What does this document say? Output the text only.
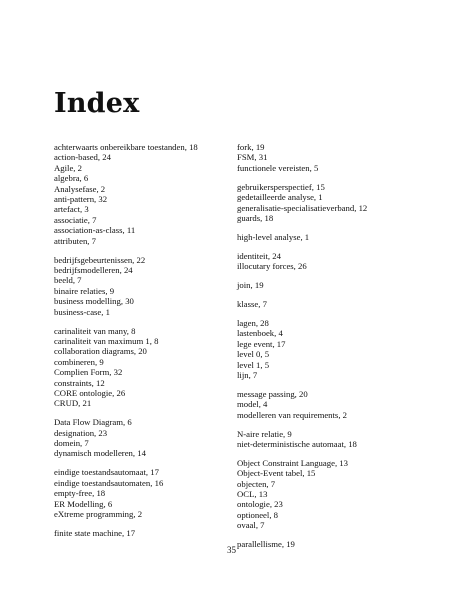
Index
achterwaarts onbereikbare toestanden, 18
action-based, 24
Agile, 2
algebra, 6
Analysefase, 2
anti-pattern, 32
artefact, 3
associatie, 7
association-as-class, 11
attributen, 7
bedrijfsgebeurtenissen, 22
bedrijfsmodelleren, 24
beeld, 7
binaire relaties, 9
business modelling, 30
business-case, 1
carinaliteit van many, 8
carinaliteit van maximum 1, 8
collaboration diagrams, 20
combineren, 9
Complien Form, 32
constraints, 12
CORE ontologie, 26
CRUD, 21
Data Flow Diagram, 6
designation, 23
domein, 7
dynamisch modelleren, 14
eindige toestandsautomaat, 17
eindige toestandsautomaten, 16
empty-free, 18
ER Modelling, 6
eXtreme programming, 2
finite state machine, 17
fork, 19
FSM, 31
functionele vereisten, 5
gebruikersperspectief, 15
gedetailleerde analyse, 1
generalisatie-specialisatieverband, 12
guards, 18
high-level analyse, 1
identiteit, 24
illocutary forces, 26
join, 19
klasse, 7
lagen, 28
lastenboek, 4
lege event, 17
level 0, 5
level 1, 5
lijn, 7
message passing, 20
model, 4
modelleren van requirements, 2
N-aire relatie, 9
niet-deterministische automaat, 18
Object Constraint Language, 13
Object-Event tabel, 15
objecten, 7
OCL, 13
ontologie, 23
optioneel, 8
ovaal, 7
parallellisme, 19
35
